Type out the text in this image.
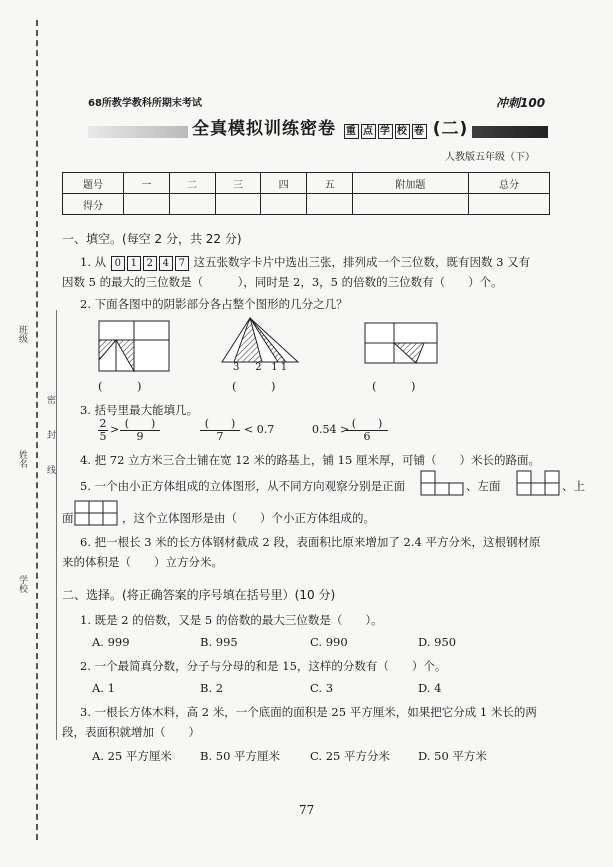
班级
姓名
学校
密
封
线
68所教学教科所期末考试	冲刺100
全真模拟训练密卷 重 点 学 校 卷 (二)
人教版五年级（下）
题号	一	二	三	四	五	附加题	总分
得分							
一、填空。(每空 2 分，共 22 分)
1. 从 0 1 2 4 7 这五张数字卡片中选出三张，排列成一个三位数，既有因数 3 又有
因数 5 的最大的三位数是（　　　），同时是 2，3，5 的倍数的三位数有（　　）个。
2. 下面各图中的阴影部分各占整个图形的几分之几？
3 2 1 1
(　　　)	(　　　)	(　　　)
3. 括号里最大能填几。
2
5
> (　　)
9
(　　)
7
< 0.7	0.54 > (　　)
6
4. 把 72 立方米三合土铺在宽 12 米的路基上，铺 15 厘米厚，可铺（　　）米长的路面。
5. 一个由小正方体组成的立体图形，从不同方向观察分别是正面	、左面	、上
面	，这个立体图形是由（　　）个小正方体组成的。
6. 把一根长 3 米的长方体钢材截成 2 段，表面积比原来增加了 2.4 平方分米，这根钢材原
来的体积是（　　）立方分米。
二、选择。(将正确答案的序号填在括号里）(10 分)
1. 既是 2 的倍数，又是 5 的倍数的最大三位数是（　　）。
A. 999	B. 995	C. 990	D. 950
2. 一个最简真分数，分子与分母的和是 15，这样的分数有（　　）个。
A. 1	B. 2	C. 3	D. 4
3. 一根长方体木料，高 2 米，一个底面的面积是 25 平方厘米，如果把它分成 1 米长的两
段，表面积就增加（　　）
A. 25 平方厘米 B. 50 平方厘米	C. 25 平方分米 D. 50 平方米
77
